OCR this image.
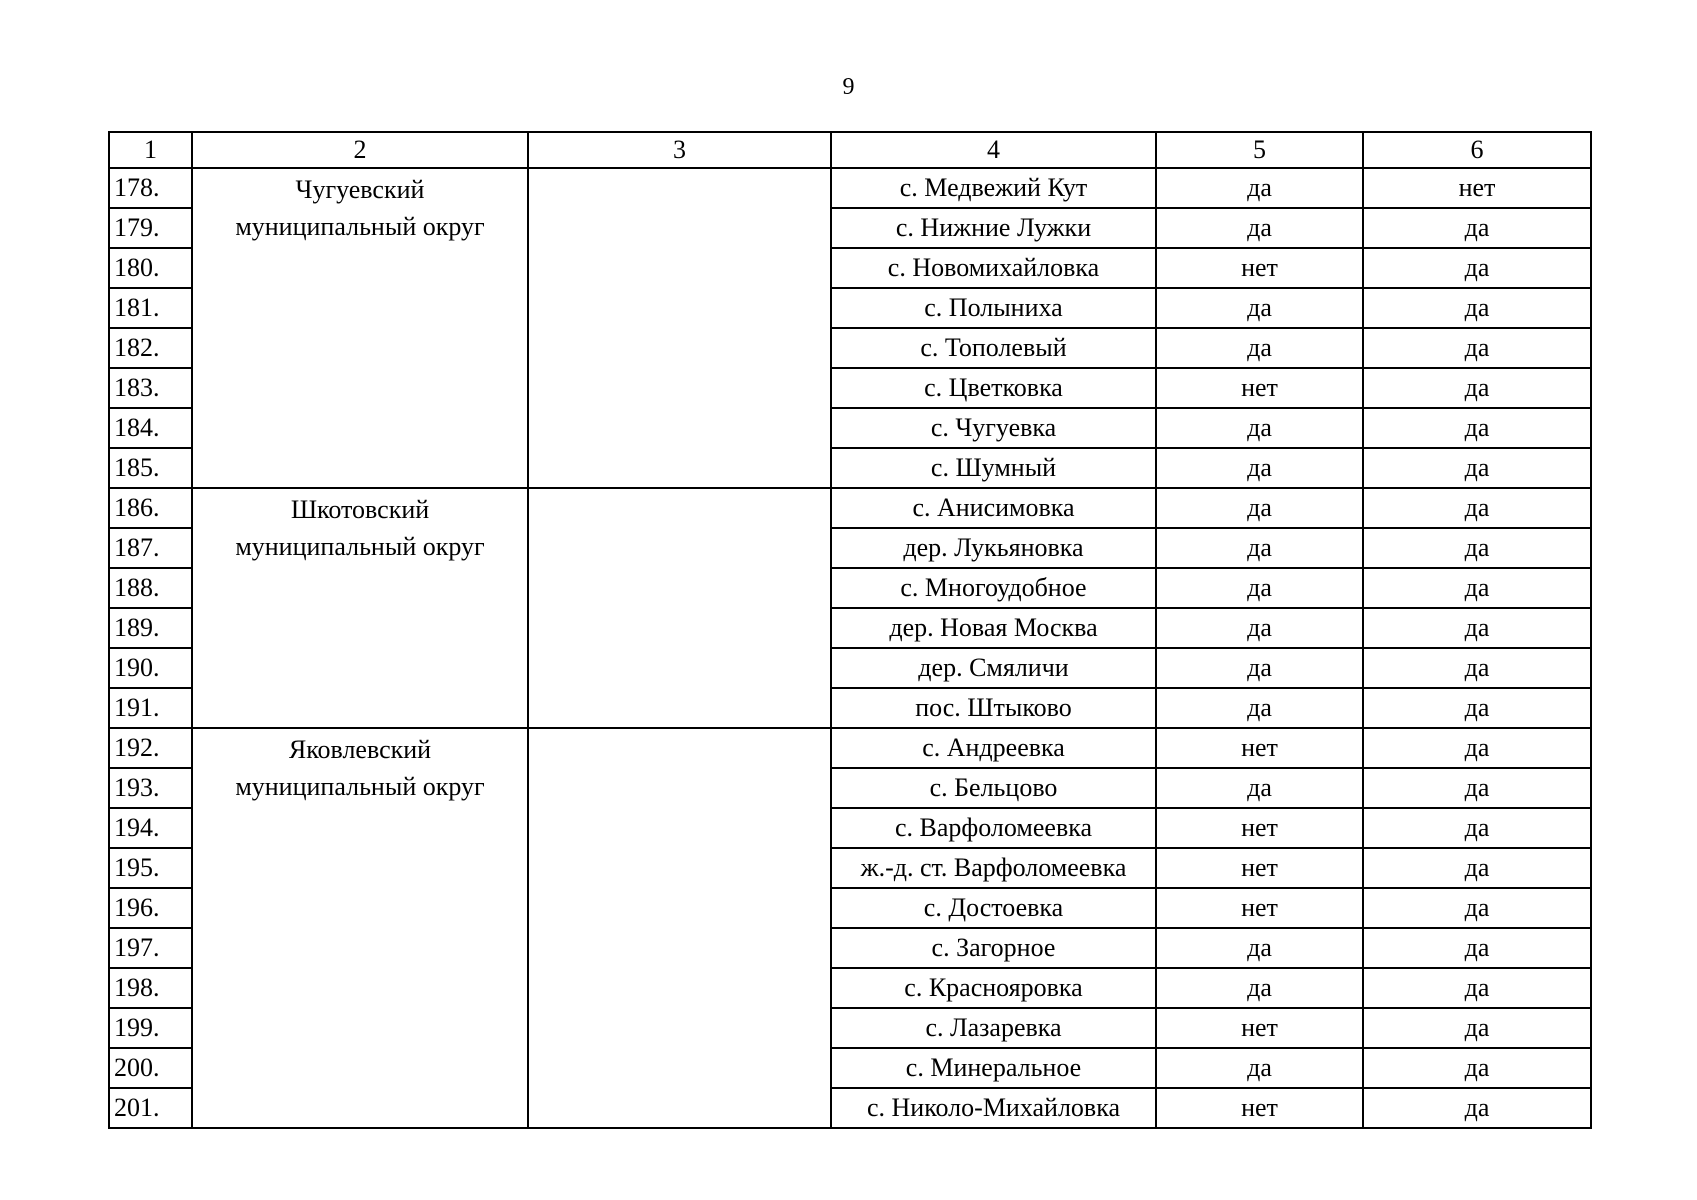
9
1	2	3	4	5	6
178.	Чугуевский
муниципальный округ		с. Медвежий Кут	да	нет
179.			с. Нижние Лужки	да	да
180.			с. Новомихайловка	нет	да
181.			с. Полыниха	да	да
182.			с. Тополевый	да	да
183.			с. Цветковка	нет	да
184.			с. Чугуевка	да	да
185.			с. Шумный	да	да
186.	Шкотовский
муниципальный округ		с. Анисимовка	да	да
187.			дер. Лукьяновка	да	да
188.			с. Многоудобное	да	да
189.			дер. Новая Москва	да	да
190.			дер. Смяличи	да	да
191.			пос. Штыково	да	да
192.	Яковлевский
муниципальный округ		с. Андреевка	нет	да
193.			с. Бельцово	да	да
194.			с. Варфоломеевка	нет	да
195.			ж.-д. ст. Варфоломеевка	нет	да
196.			с. Достоевка	нет	да
197.			с. Загорное	да	да
198.			с. Краснояровка	да	да
199.			с. Лазаревка	нет	да
200.			с. Минеральное	да	да
201.			с. Николо-Михайловка	нет	да
